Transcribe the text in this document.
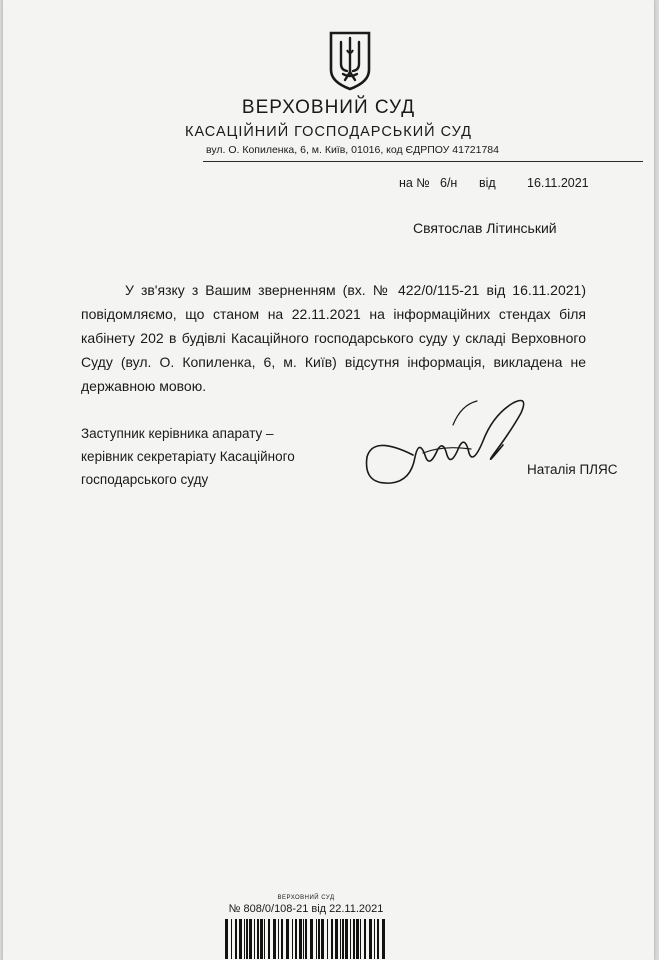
ВЕРХОВНИЙ СУД
КАСАЦІЙНИЙ ГОСПОДАРСЬКИЙ СУД
вул. О. Копиленка, 6, м. Київ, 01016, код ЄДРПОУ 41721784
на № 6/н від	16.11.2021
Святослав Літинський
У зв'язку з Вашим зверненням (вх. № 422/0/115-21 від 16.11.2021) повідомляємо, що станом на 22.11.2021 на інформаційних стендах біля кабінету 202 в будівлі Касаційного господарського суду у складі Верховного Суду (вул. О. Копиленка, 6, м. Київ) відсутня інформація, викладена не державною мовою.
Заступник керівника апарату –
керівник секретаріату Касаційного
господарського суду
Наталія ПЛЯС
ВЕРХОВНИЙ СУД
№ 808/0/108-21 від 22.11.2021
